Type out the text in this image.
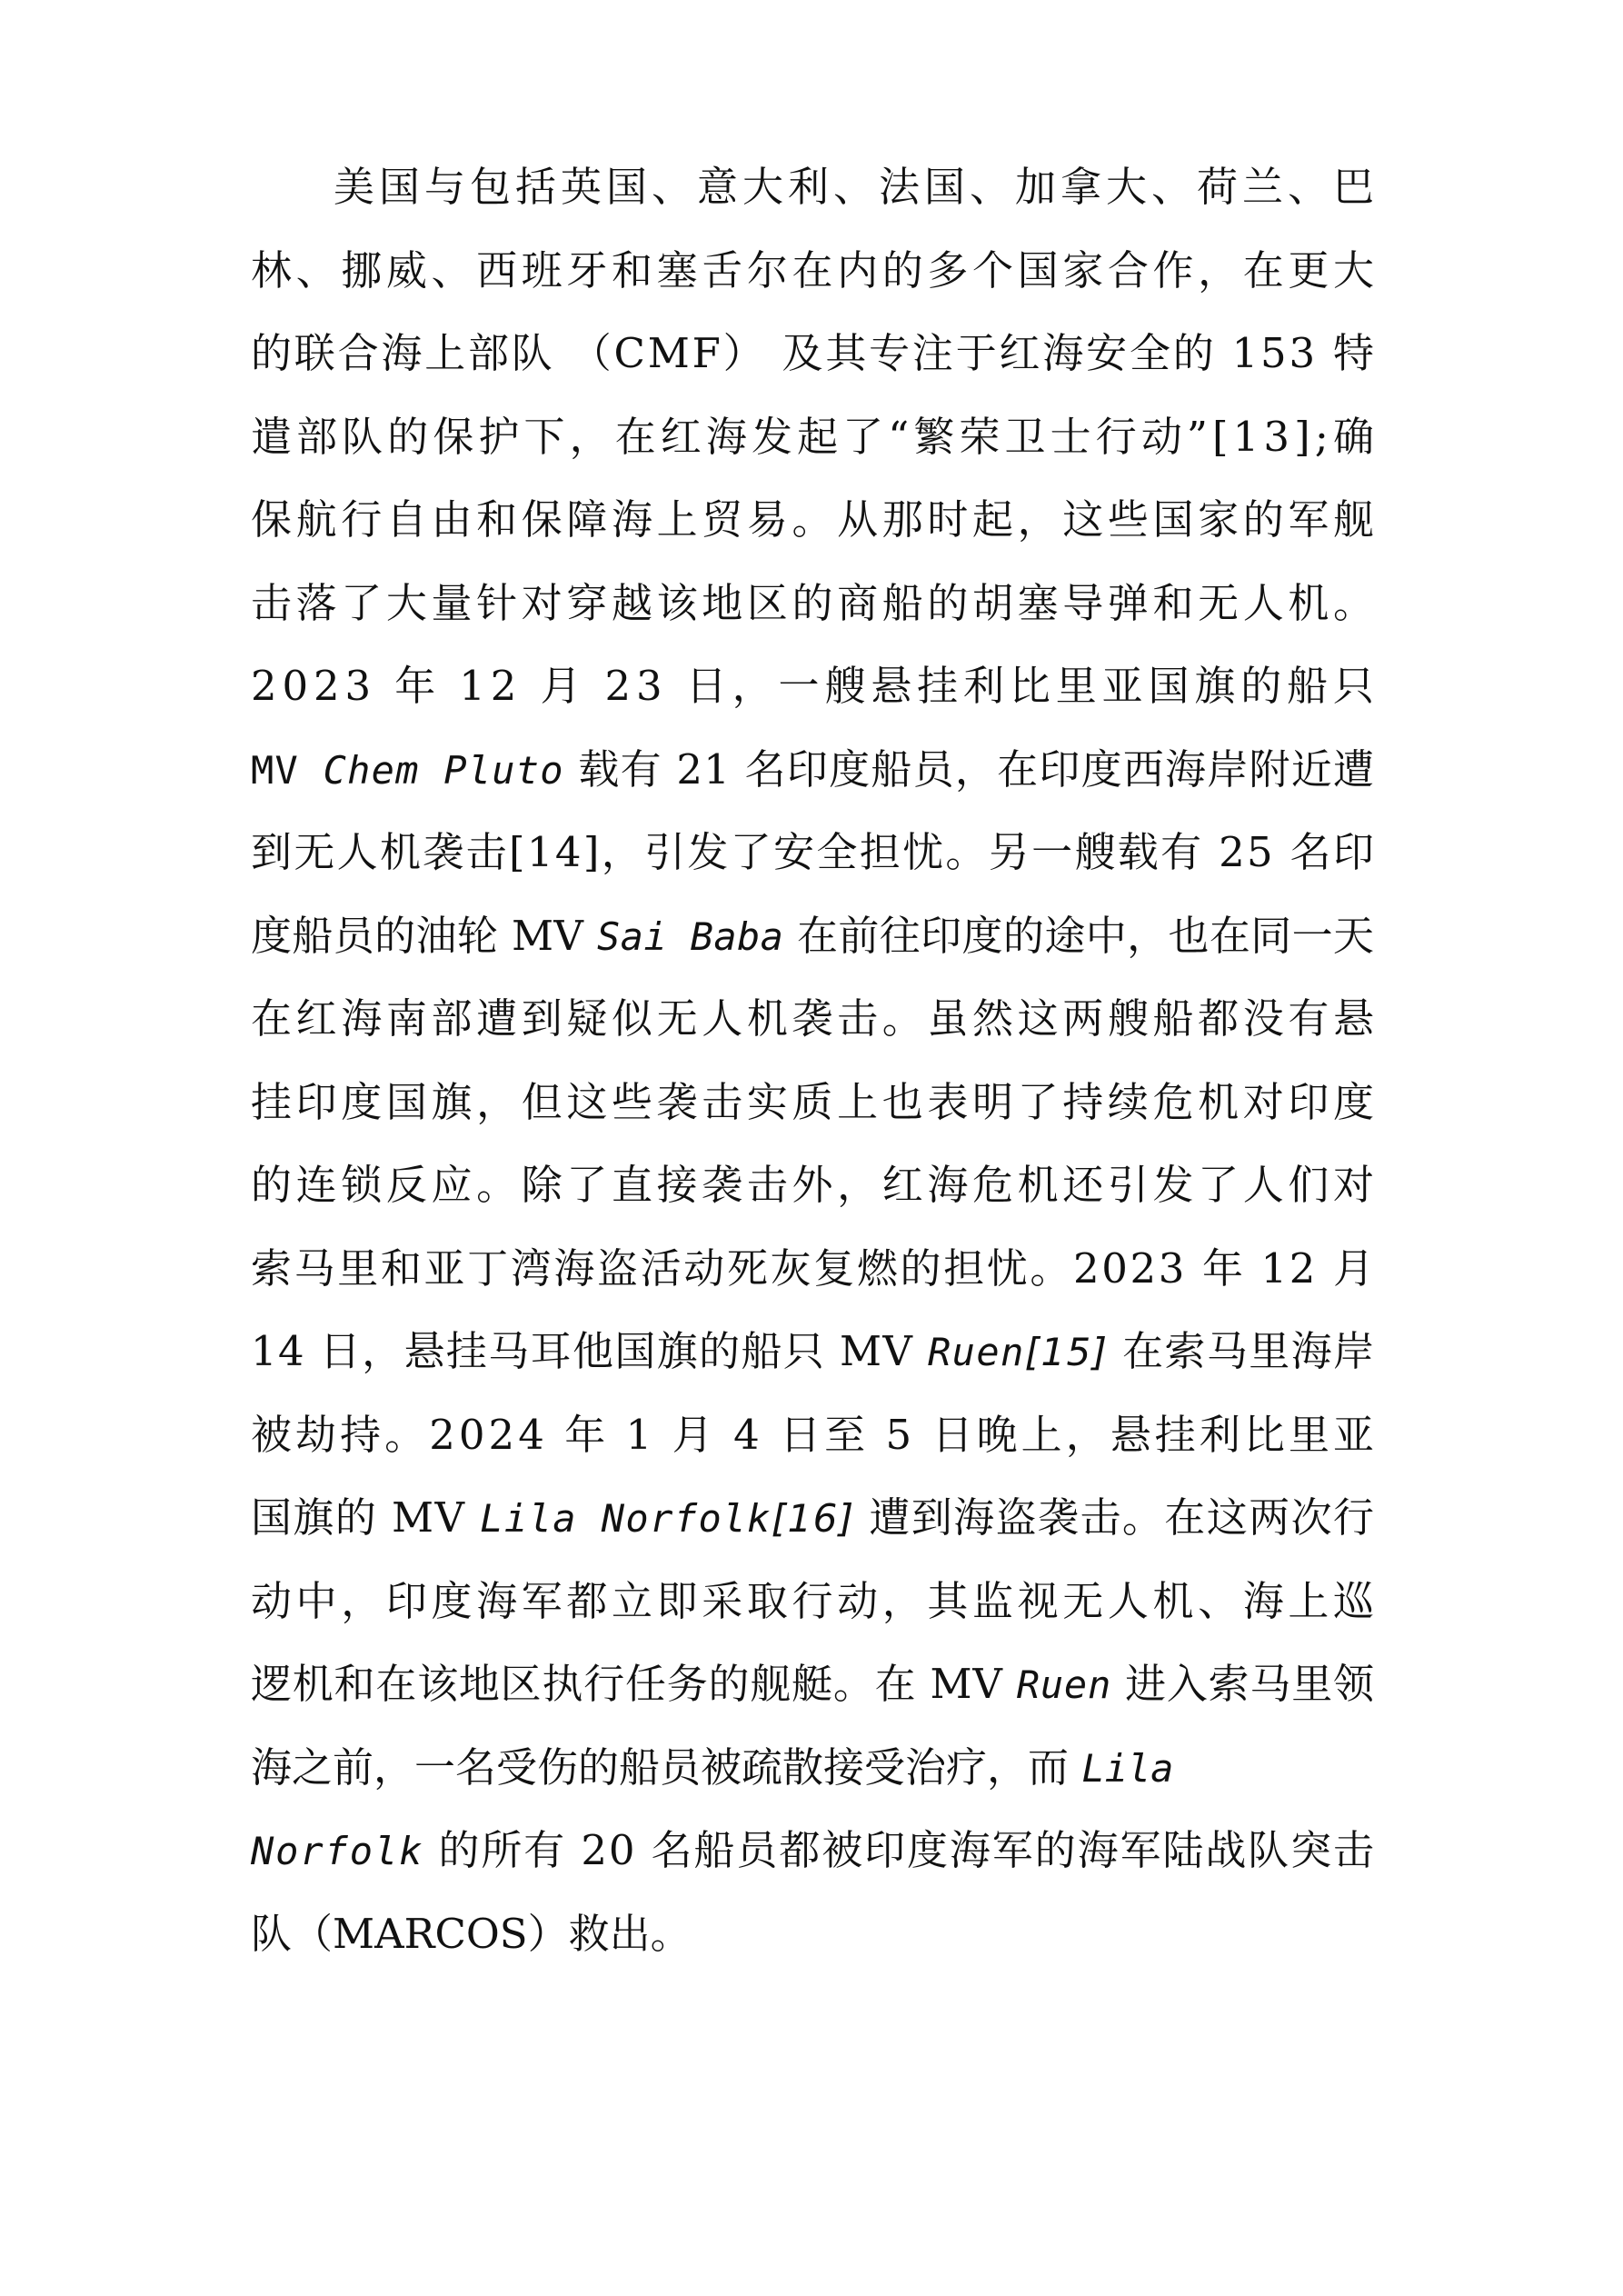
美国与包括英国、意大利、法国、加拿大、荷兰、巴
林、挪威、西班牙和塞舌尔在内的多个国家合作，在更大
的联合海上部队 （CMF） 及其专注于红海安全的 153 特
遣部队的保护下，在红海发起了“繁荣卫士行动”[13];确
保航行自由和保障海上贸易。从那时起，这些国家的军舰
击落了大量针对穿越该地区的商船的胡塞导弹和无人机。
2023 年 12 月 23 日，一艘悬挂利比里亚国旗的船只
MV Chem Pluto 载有 21 名印度船员，在印度西海岸附近遭
到无人机袭击[14]，引发了安全担忧。另一艘载有 25 名印
度船员的油轮 MV Sai Baba 在前往印度的途中，也在同一天
在红海南部遭到疑似无人机袭击。虽然这两艘船都没有悬
挂印度国旗，但这些袭击实质上也表明了持续危机对印度
的连锁反应。除了直接袭击外，红海危机还引发了人们对
索马里和亚丁湾海盗活动死灰复燃的担忧。2023 年 12 月
14 日，悬挂马耳他国旗的船只 MV Ruen[15] 在索马里海岸
被劫持。2024 年 1 月 4 日至 5 日晚上，悬挂利比里亚
国旗的 MV Lila Norfolk[16] 遭到海盗袭击。在这两次行
动中，印度海军都立即采取行动，其监视无人机、海上巡
逻机和在该地区执行任务的舰艇。在 MV Ruen 进入索马里领
海之前，一名受伤的船员被疏散接受治疗，而 Lila
Norfolk 的所有 20 名船员都被印度海军的海军陆战队突击
队（MARCOS）救出。
